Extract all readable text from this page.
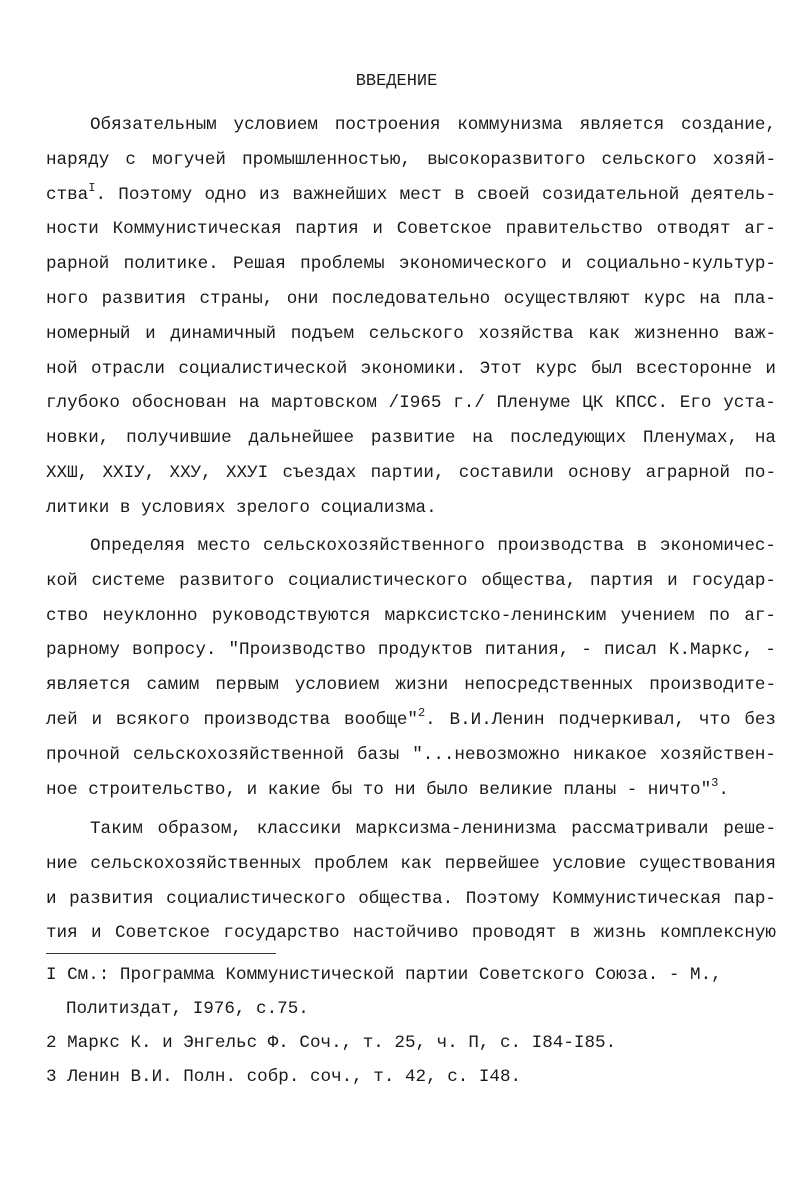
ВВЕДЕНИЕ
Обязательным условием построения коммунизма является создание,
наряду с могучей промышленностью, высокоразвитого сельского хозяй-
ства$^I$. Поэтому одно из важнейших мест в своей созидательной деятель-
ности Коммунистическая партия и Советское правительство отводят аг-
рарной политике. Решая проблемы экономического и социально-культур-
ного развития страны, они последовательно осуществляют курс на пла-
номерный и динамичный подъем сельского хозяйства как жизненно важ-
ной отрасли социалистической экономики. Этот курс был всесторонне и
глубоко обоснован на мартовском /I965 г./ Пленуме ЦК КПСС. Его уста-
новки, получившие дальнейшее развитие на последующих Пленумах, на
XXШ, XXIУ, XXУ, XXУI съездах партии, составили основу аграрной по-
литики в условиях зрелого социализма.
Определяя место сельскохозяйственного производства в экономичес-
кой системе развитого социалистического общества, партия и государ-
ство неуклонно руководствуются марксистско-ленинским учением по аг-
рарному вопросу. "Производство продуктов питания, - писал К.Маркс, -
является самим первым условием жизни непосредственных производите-
лей и всякого производства вообще"$^2$. В.И.Ленин подчеркивал, что без
прочной сельскохозяйственной базы "...невозможно никакое хозяйствен-
ное строительство, и какие бы то ни было великие планы - ничто"$^3$.
Таким образом, классики марксизма-ленинизма рассматривали реше-
ние сельскохозяйственных проблем как первейшее условие существования
и развития социалистического общества. Поэтому Коммунистическая пар-
тия и Советское государство настойчиво проводят в жизнь комплексную
I См.: Программа Коммунистической партии Советского Союза. - М.,
Политиздат, I976, с.75.
2 Маркс К. и Энгельс Ф. Соч., т. 25, ч. П, с. I84-I85.
3 Ленин В.И. Полн. собр. соч., т. 42, с. I48.
